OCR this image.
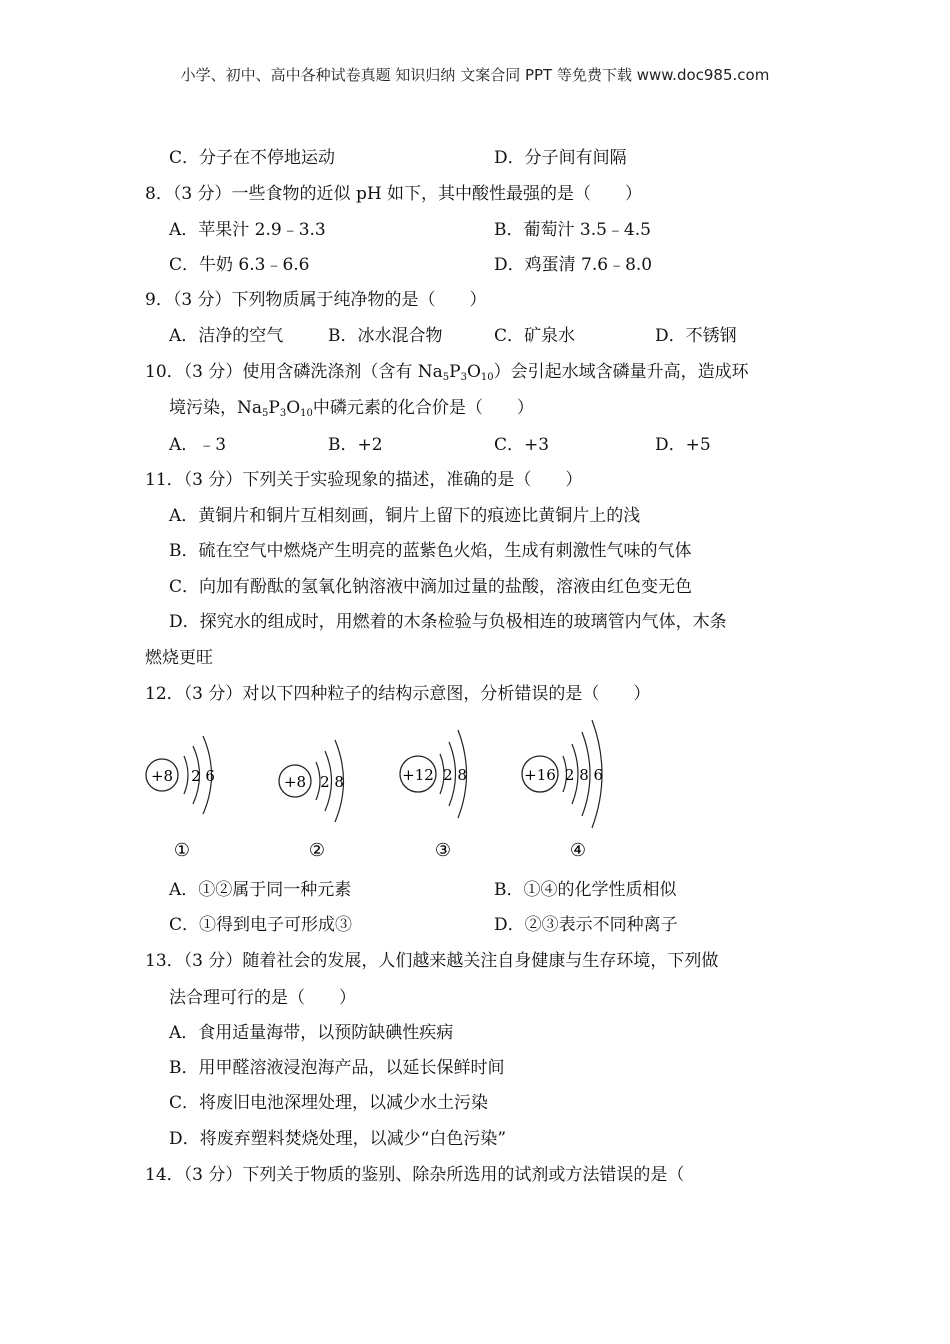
小学、初中、高中各种试卷真题 知识归纳 文案合同 PPT 等免费下载 www.doc985.com
C．分子在不停地运动	D．分子间有间隔
8．（3 分）一些食物的近似 pH 如下，其中酸性最强的是（　　）
A．苹果汁 2.9﹣3.3	B．葡萄汁 3.5﹣4.5
C．牛奶 6.3﹣6.6	D．鸡蛋清 7.6﹣8.0
9．（3 分）下列物质属于纯净物的是（　　）
A．洁净的空气	B．冰水混合物	C．矿泉水	D．不锈钢
10．（3 分）使用含磷洗涤剂（含有 $Na_5P_3O_{10}$）会引起水域含磷量升高，造成环
境污染，$Na_5P_3O_{10}$中磷元素的化合价是（　　）
A．﹣3	B．+2	C．+3	D．+5
11．（3 分）下列关于实验现象的描述，准确的是（　　）
A．黄铜片和铜片互相刻画，铜片上留下的痕迹比黄铜片上的浅
B．硫在空气中燃烧产生明亮的蓝紫色火焰，生成有刺激性气味的气体
C．向加有酚酞的氢氧化钠溶液中滴加过量的盐酸，溶液由红色变无色
D．探究水的组成时，用燃着的木条检验与负极相连的玻璃管内气体，木条
燃烧更旺
12．（3 分）对以下四种粒子的结构示意图，分析错误的是（　　）
+8 2 6
①
+8 2 8
②
+12 2 8
③
+16 2 8 6
④
A．①②属于同一种元素	B．①④的化学性质相似
C．①得到电子可形成③	D．②③表示不同种离子
13．（3 分）随着社会的发展，人们越来越关注自身健康与生存环境，下列做
法合理可行的是（　　）
A．食用适量海带，以预防缺碘性疾病
B．用甲醛溶液浸泡海产品，以延长保鲜时间
C．将废旧电池深埋处理，以减少水土污染
D．将废弃塑料焚烧处理，以减少“白色污染”
14．（3 分）下列关于物质的鉴别、除杂所选用的试剂或方法错误的是（
